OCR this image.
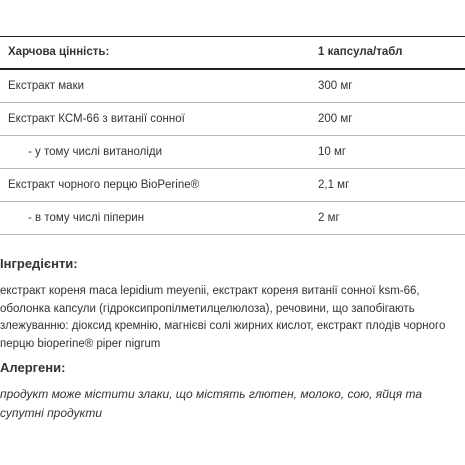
Харчова цінність:	1 капсула/табл
Екстракт маки	300 мг
Екстракт КСМ-66 з витанії сонної	200 мг
- у тому числі витаноліди	10 мг
Екстракт чорного перцю BioPerine®	2,1 мг
- в тому числі піперин	2 мг
Інгредієнти:
екстракт кореня maca lepidium meyenii, екстракт кореня витанії сонної ksm-66, оболонка капсули (гідроксипропілметилцелюлоза), речовини, що запобігають злежуванню: діоксид кремнію, магнієві солі жирних кислот, екстракт плодів чорного перцю bioperine® piper nigrum
Алергени:
продукт може містити злаки, що містять глютен, молоко, сою, яйця та супутні продукти
